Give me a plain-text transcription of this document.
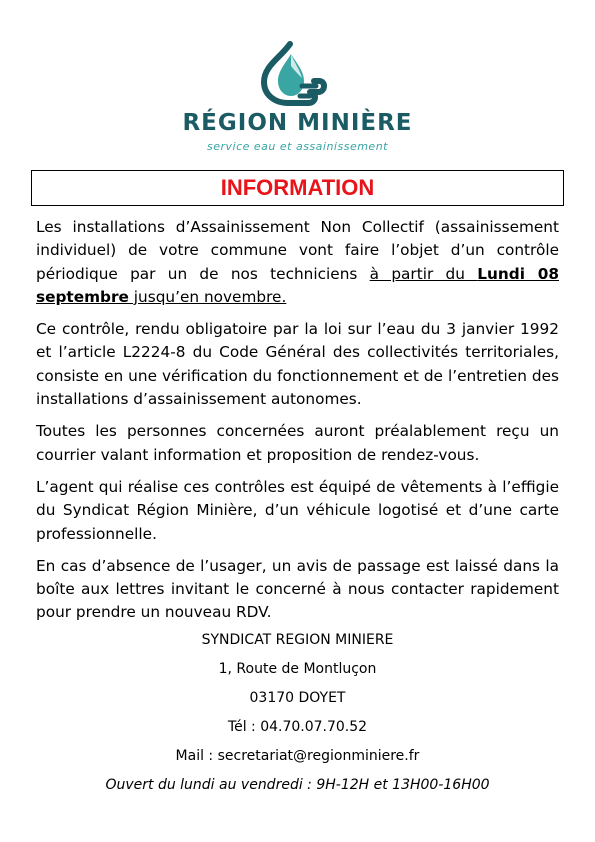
RÉGION MINIÈRE
service eau et assainissement
INFORMATION

Les installations d’Assainissement Non Collectif (assainissement individuel) de votre commune vont faire l’objet d’un contrôle périodique par un de nos techniciens à partir du Lundi 08 septembre jusqu’en novembre.

Ce contrôle, rendu obligatoire par la loi sur l’eau du 3 janvier 1992 et l’article L2224-8 du Code Général des collectivités territoriales, consiste en une vérification du fonctionnement et de l’entretien des installations d’assainissement autonomes.

Toutes les personnes concernées auront préalablement reçu un courrier valant information et proposition de rendez-vous.

L’agent qui réalise ces contrôles est équipé de vêtements à l’effigie du Syndicat Région Minière, d’un véhicule logotisé et d’une carte professionnelle.

En cas d’absence de l’usager, un avis de passage est laissé dans la boîte aux lettres invitant le concerné à nous contacter rapidement pour prendre un nouveau RDV.

SYNDICAT REGION MINIERE
1, Route de Montluçon
03170 DOYET
Tél : 04.70.07.70.52
Mail : secretariat@regionminiere.fr
Ouvert du lundi au vendredi : 9H-12H et 13H00-16H00
